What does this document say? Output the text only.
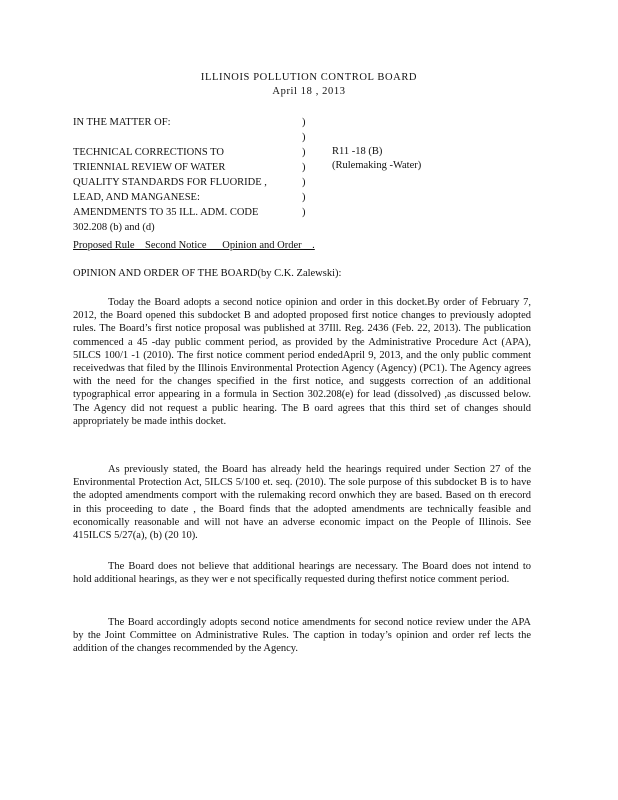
ILLINOIS POLLUTION CONTROL BOARD
April 18 , 2013
IN THE MATTER OF:

TECHNICAL CORRECTIONS TO
TRIENNIAL REVIEW OF WATER
QUALITY STANDARDS FOR FLUORIDE ,
LEAD, AND MANGANESE:
AMENDMENTS TO 35 ILL. ADM. CODE
302.208 (b) and (d)
)
)
)
)
)
)
)
R11 -18 (B)
(Rulemaking -Water)
Proposed Rule _ Second Notice __ Opinion and Order _ .
OPINION AND ORDER OF THE BOARD(by C.K. Zalewski):
Today the Board adopts a second notice opinion and order in this docket.By order of February 7, 2012, the Board opened this subdocket B and adopted proposed first notice changes to previously adopted rules. The Board’s first notice proposal was published at 37Ill. Reg. 2436 (Feb. 22, 2013). The publication commenced a 45 -day public comment period, as provided by the Administrative Procedure Act (APA), 5ILCS 100/1 -1 (2010). The first notice comment period endedApril 9, 2013, and the only public comment receivedwas that filed by the Illinois Environmental Protection Agency (Agency) (PC1). The Agency agrees with the need for the changes specified in the first notice, and suggests correction of an additional typographical error appearing in a formula in Section 302.208(e) for lead (dissolved) ,as discussed below. The Agency did not request a public hearing. The B oard agrees that this third set of changes should appropriately be made inthis docket.
As previously stated, the Board has already held the hearings required under Section 27 of the Environmental Protection Act, 5ILCS 5/100 et. seq. (2010). The sole purpose of this subdocket B is to have the adopted amendments comport with the rulemaking record onwhich they are based. Based on th erecord in this proceeding to date , the Board finds that the adopted amendments are technically feasible and economically reasonable and will not have an adverse economic impact on the People of Illinois. See 415ILCS 5/27(a), (b) (20 10).
The Board does not believe that additional hearings are necessary. The Board does not intend to hold additional hearings, as they wer e not specifically requested during thefirst notice comment period.
The Board accordingly adopts second notice amendments for second notice review under the APA by the Joint Committee on Administrative Rules. The caption in today’s opinion and order ref lects the addition of the changes recommended by the Agency.
